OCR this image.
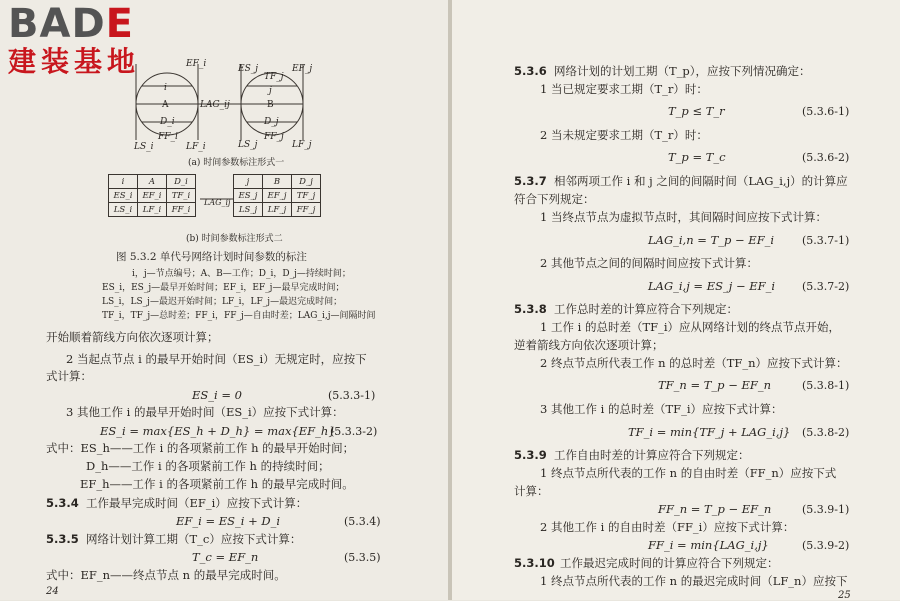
BADE
建装基地	EF_i
i
A
D_i
LS_i
FF_i
LF_i
LAG_ij
ES_j
TF_j
EF_j
j
B
D_j
LS_j
FF_j
LF_j
(a) 时间参数标注形式一
i	A	D_i
ES_i	EF_i	TF_i
LS_i	LF_i	FF_i
LAG_ij
j	B	D_j
ES_j	EF_j	TF_j
LS_j	LF_j	FF_j
(b) 时间参数标注形式二
图 5.3.2 单代号网络计划时间参数的标注
i，j—节点编号；A、B—工作；D_i，D_j—持续时间；
ES_i，ES_j—最早开始时间；EF_i，EF_j—最早完成时间；
LS_i，LS_j—最迟开始时间；LF_i，LF_j—最迟完成时间；
TF_i，TF_j—总时差；FF_i，FF_j—自由时差；LAG_i,j—间隔时间
开始顺着箭线方向依次逐项计算；
2 当起点节点 i 的最早开始时间（ES_i）无规定时，应按下
式计算：
ES_i = 0	(5.3.3-1)
3 其他工作 i 的最早开始时间（ES_i）应按下式计算：
ES_i = max{ES_h + D_h} = max{EF_h}
(5.3.3-2)
式中：ES_h——工作 i 的各项紧前工作 h 的最早开始时间；
D_h——工作 i 的各项紧前工作 h 的持续时间；
EF_h——工作 i 的各项紧前工作 h 的最早完成时间。
5.3.4 工作最早完成时间（EF_i）应按下式计算：
EF_i = ES_i + D_i	(5.3.4)
5.3.5 网络计划计算工期（T_c）应按下式计算：
T_c = EF_n	(5.3.5)
式中：EF_n——终点节点 n 的最早完成时间。
24
5.3.6 网络计划的计划工期（T_p），应按下列情况确定：
1 当已规定要求工期（T_r）时：
T_p ≤ T_r	(5.3.6-1)
2 当未规定要求工期（T_r）时：
T_p = T_c	(5.3.6-2)
5.3.7 相邻两项工作 i 和 j 之间的间隔时间（LAG_i,j）的计算应
符合下列规定：
1 当终点节点为虚拟节点时，其间隔时间应按下式计算：
LAG_i,n = T_p − EF_i	(5.3.7-1)
2 其他节点之间的间隔时间应按下式计算：
LAG_i,j = ES_j − EF_i (5.3.7-2)
5.3.8 工作总时差的计算应符合下列规定：
1 工作 i 的总时差（TF_i）应从网络计划的终点节点开始，
逆着箭线方向依次逐项计算；
2 终点节点所代表工作 n 的总时差（TF_n）应按下式计算：
TF_n = T_p − EF_n	(5.3.8-1)
3 其他工作 i 的总时差（TF_i）应按下式计算：
TF_i = min{TF_j + LAG_i,j} (5.3.8-2)
5.3.9 工作自由时差的计算应符合下列规定：
1 终点节点所代表的工作 n 的自由时差（FF_n）应按下式
计算：
FF_n = T_p − EF_n	(5.3.9-1)
2 其他工作 i 的自由时差（FF_i）应按下式计算：
FF_i = min{LAG_i,j}	(5.3.9-2)
5.3.10 工作最迟完成时间的计算应符合下列规定：
1 终点节点所代表的工作 n 的最迟完成时间（LF_n）应按下
25
